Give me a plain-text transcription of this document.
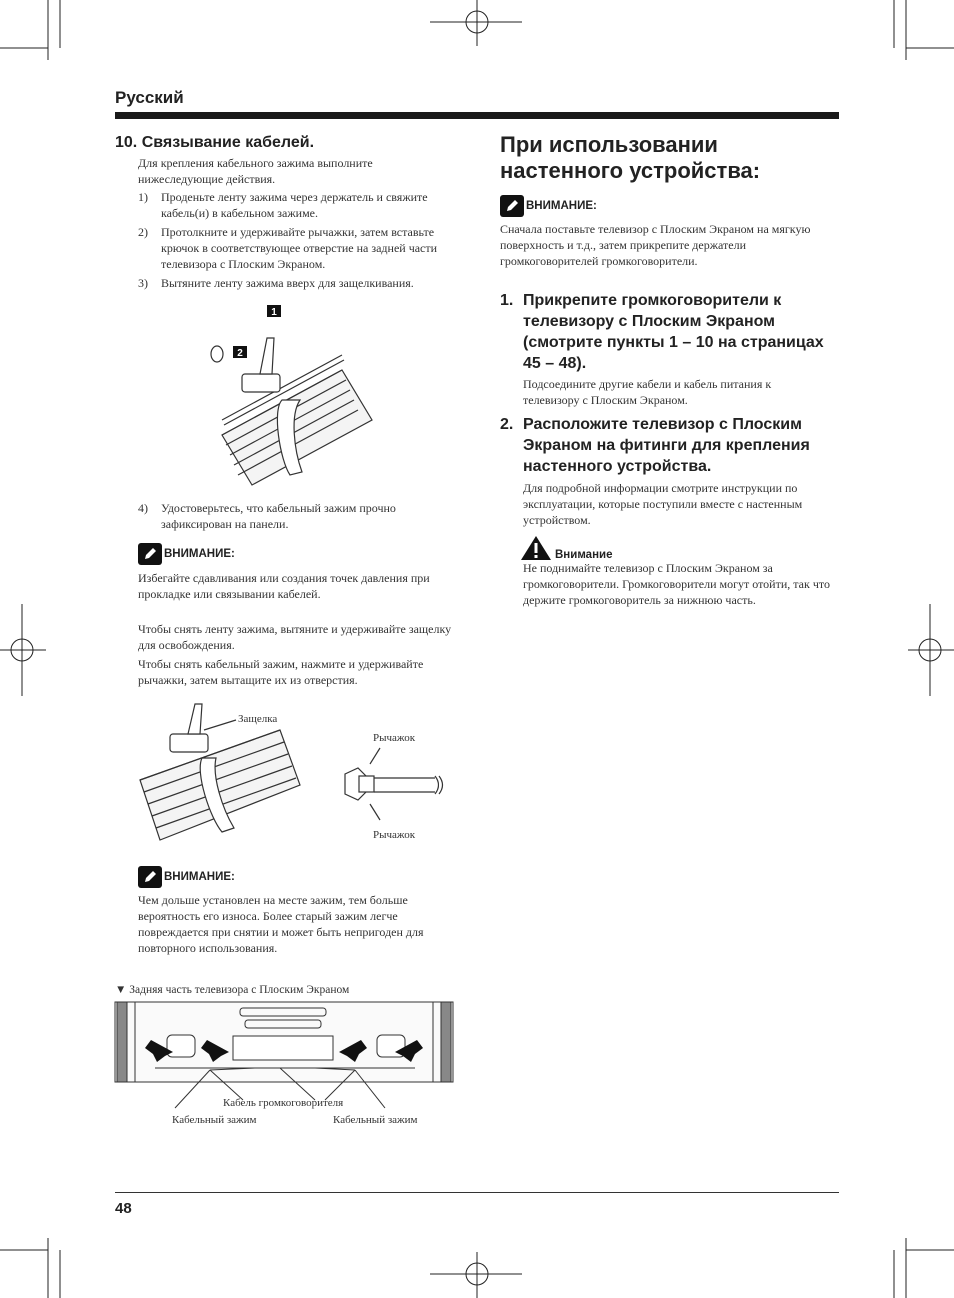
Русский
10. Связывание кабелей.
Для крепления кабельного зажима выполните нижеследующие действия.
1)	Проденьте ленту зажима через держатель и свяжите кабель(и) в кабельном зажиме.
2)	Протолкните и удерживайте рычажки, затем вставьте крючок в соответствующее отверстие на задней части телевизора с Плоским Экраном.
3)	Вытяните ленту зажима вверх для защелкивания.
1
2
4)	Удостоверьтесь, что кабельный зажим прочно зафиксирован на панели.
ВНИМАНИЕ:
Избегайте сдавливания или создания точек давления при прокладке или связывании кабелей.
Чтобы снять ленту зажима, вытяните и удерживайте защелку для освобождения.
Чтобы снять кабельный зажим, нажмите и удерживайте рычажки, затем вытащите их из отверстия.
Защелка
Рычажок
Рычажок
ВНИМАНИЕ:
Чем дольше установлен на месте зажим, тем больше вероятность его износа. Более старый зажим легче повреждается при снятии и может быть непригоден для повторного использования.
▼ Задняя часть телевизора с Плоским Экраном
Кабель громкоговорителя
Кабельный зажим	Кабельный зажим
При использовании настенного устройства:
ВНИМАНИЕ:
Сначала поставьте телевизор с Плоским Экраном на мягкую поверхность и т.д., затем прикрепите держатели громкоговорителей громкоговорители.
1. Прикрепите громкоговорители к телевизору с Плоским Экраном (смотрите пункты 1 – 10 на страницах 45 – 48).
Подсоедините другие кабели и кабель питания к телевизору с Плоским Экраном.
2. Расположите телевизор с Плоским Экраном на фитинги для крепления настенного устройства.
Для подробной информации смотрите инструкции по эксплуатации, которые поступили вместе с настенным устройством.
Внимание
Не поднимайте телевизор с Плоским Экраном за громкоговорители. Громкоговорители могут отойти, так что держите громкоговоритель за нижнюю часть.
48
